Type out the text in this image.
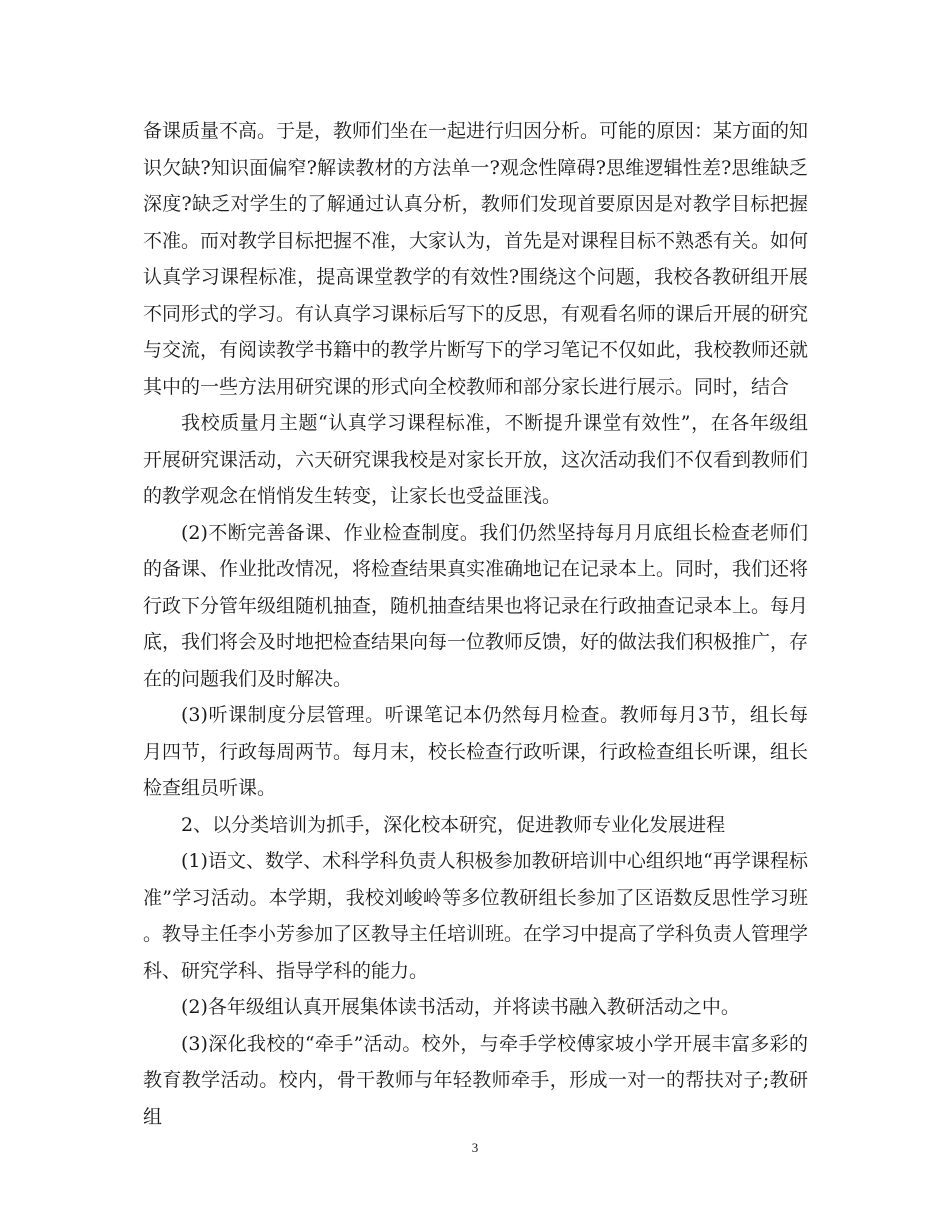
备课质量不高。于是，教师们坐在一起进行归因分析。可能的原因：某方面的知识欠缺?知识面偏窄?解读教材的方法单一?观念性障碍?思维逻辑性差?思维缺乏深度?缺乏对学生的了解通过认真分析，教师们发现首要原因是对教学目标把握不准。而对教学目标把握不准，大家认为，首先是对课程目标不熟悉有关。如何认真学习课程标准，提高课堂教学的有效性?围绕这个问题，我校各教研组开展不同形式的学习。有认真学习课标后写下的反思，有观看名师的课后开展的研究与交流，有阅读教学书籍中的教学片断写下的学习笔记不仅如此，我校教师还就其中的一些方法用研究课的形式向全校教师和部分家长进行展示。同时，结合

我校质量月主题“认真学习课程标准，不断提升课堂有效性”，在各年级组开展研究课活动，六天研究课我校是对家长开放，这次活动我们不仅看到教师们的教学观念在悄悄发生转变，让家长也受益匪浅。

(2)不断完善备课、作业检查制度。我们仍然坚持每月月底组长检查老师们的备课、作业批改情况，将检查结果真实准确地记在记录本上。同时，我们还将行政下分管年级组随机抽查，随机抽查结果也将记录在行政抽查记录本上。每月底，我们将会及时地把检查结果向每一位教师反馈，好的做法我们积极推广，存在的问题我们及时解决。

(3)听课制度分层管理。听课笔记本仍然每月检查。教师每月3节，组长每月四节，行政每周两节。每月末，校长检查行政听课，行政检查组长听课，组长检查组员听课。

2、以分类培训为抓手，深化校本研究，促进教师专业化发展进程

(1)语文、数学、术科学科负责人积极参加教研培训中心组织地“再学课程标准”学习活动。本学期，我校刘峻岭等多位教研组长参加了区语数反思性学习班。教导主任李小芳参加了区教导主任培训班。在学习中提高了学科负责人管理学科、研究学科、指导学科的能力。

(2)各年级组认真开展集体读书活动，并将读书融入教研活动之中。

(3)深化我校的“牵手”活动。校外，与牵手学校傅家坡小学开展丰富多彩的教育教学活动。校内，骨干教师与年轻教师牵手，形成一对一的帮扶对子;教研组

3
